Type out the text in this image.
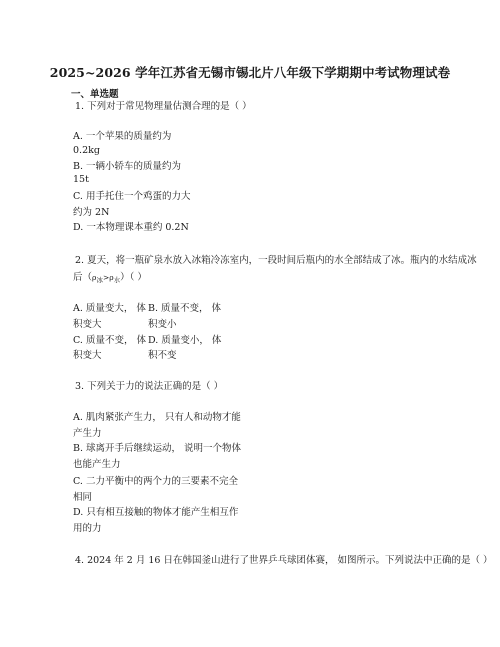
2025~2026 学年江苏省无锡市锡北片八年级下学期期中考试物理试卷
一、单选题
1. 下列对于常见物理量估测合理的是（ ）
A. 一个苹果的质量约为
0.2kg
B. 一辆小轿车的质量约为
15t
C. 用手托住一个鸡蛋的力大
约为 2N
D. 一本物理课本重约 0.2N
2. 夏天，将一瓶矿泉水放入冰箱冷冻室内，一段时间后瓶内的水全部结成了冰。瓶内的水结成冰
后$(\rho_冰>\rho_水)$（ ）
A. 质量变大， 体
积变大
B. 质量不变， 体
积变小
C. 质量不变， 体
积变大
D. 质量变小， 体
积不变
3. 下列关于力的说法正确的是（ ）
A. 肌肉紧张产生力， 只有人和动物才能
产生力
B. 球离开手后继续运动， 说明一个物体
也能产生力
C. 二力平衡中的两个力的三要素不完全
相同
D. 只有相互接触的物体才能产生相互作
用的力
4. 2024 年 2 月 16 日在韩国釜山进行了世界乒乓球团体赛， 如图所示。下列说法中正确的是（ ）
